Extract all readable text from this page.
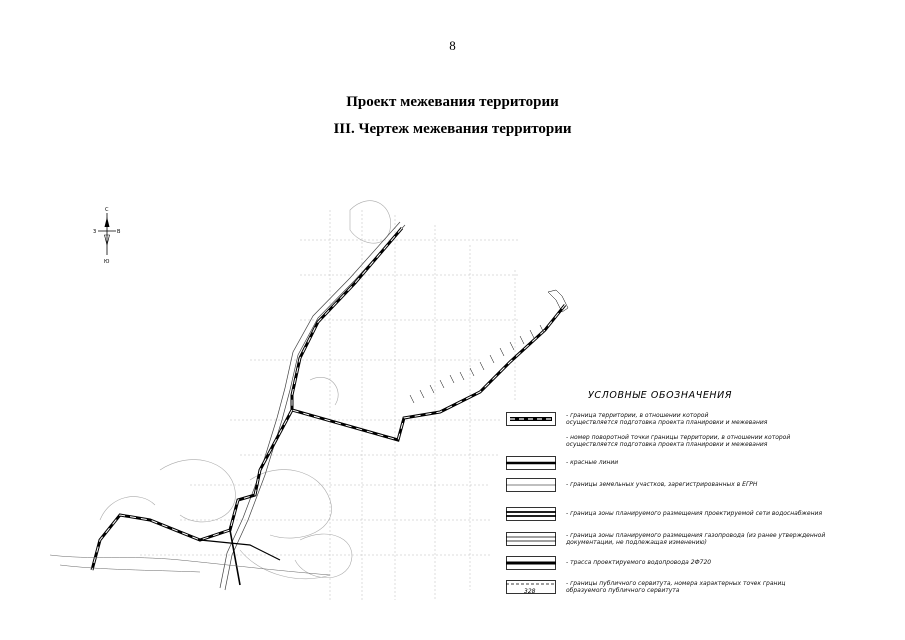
8
Проект межевания территории
III. Чертеж межевания территории
С
Ю
З	В
УСЛОВНЫЕ ОБОЗНАЧЕНИЯ
- граница территории, в отношении которой
осуществляется подготовка проекта планировки и межевания
- номер поворотной точки границы территории, в отношении которой
осуществляется подготовка проекта планировки и межевания
- красные линии
- границы земельных участков, зарегистрированных в ЕГРН
- граница зоны планируемого размещения проектируемой сети водоснабжения
- граница зоны планируемого размещения газопровода (из ранее утвержденной
документации, не подлежащая изменению)
- трасса проектируемого водопровода 2Ф720
328
- границы публичного сервитута, номера характерных точек границ
образуемого публичного сервитута
